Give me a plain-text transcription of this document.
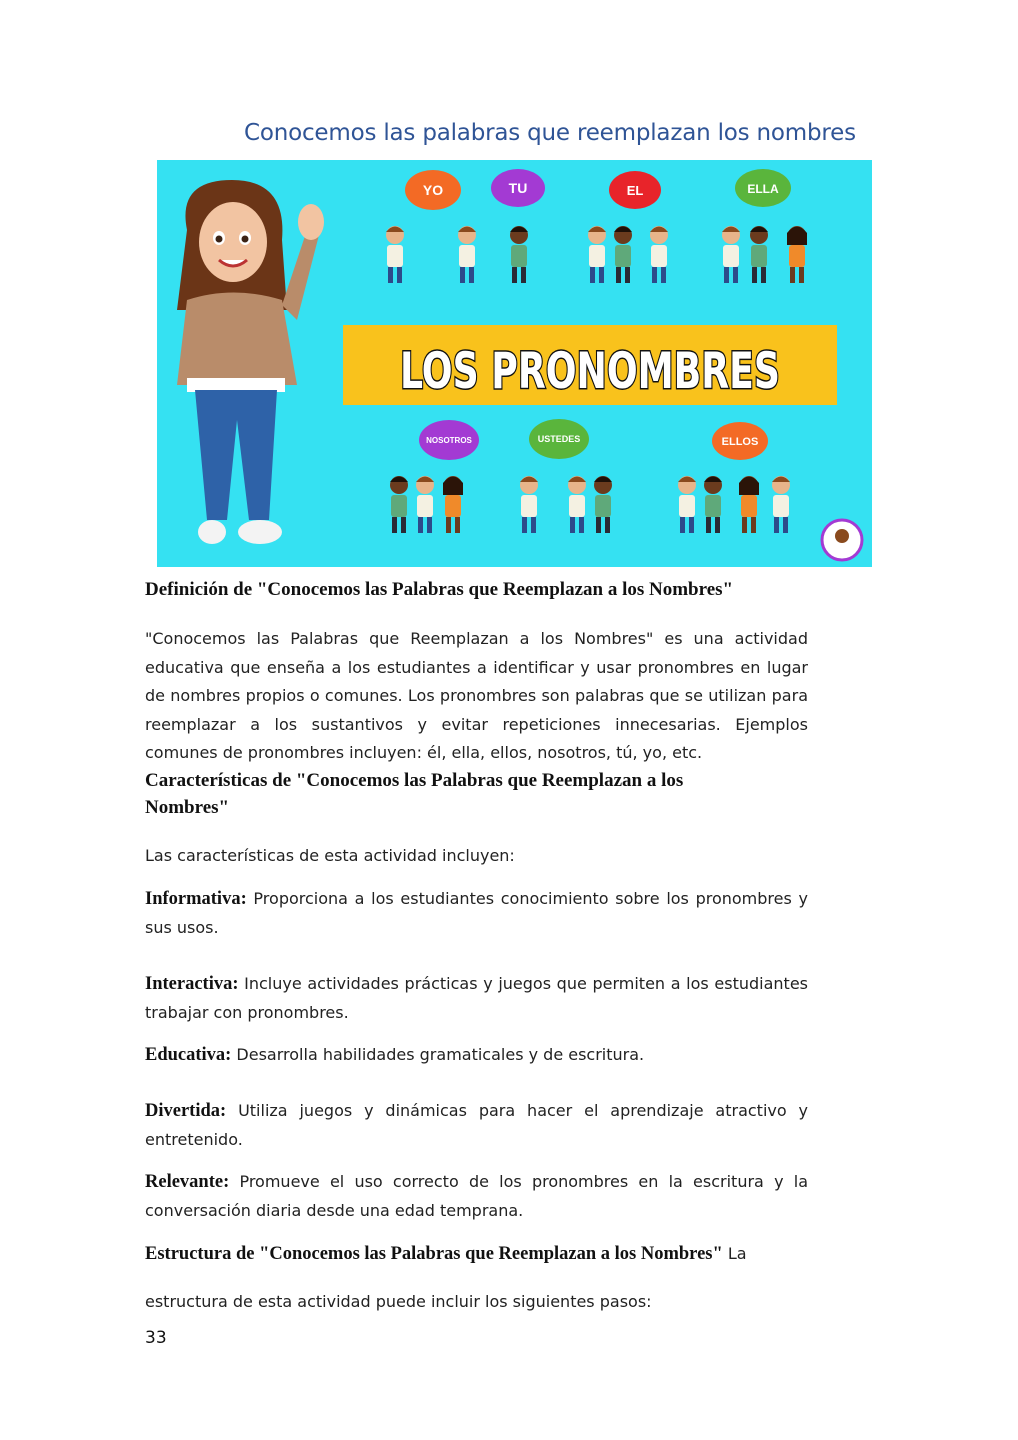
Conocemos las palabras que reemplazan los nombres
YO	TU	EL	ELLA
LOS PRONOMBRES
NOSOTROS	USTEDES	ELLOS
Definición de "Conocemos las Palabras que Reemplazan a los Nombres"
"Conocemos las Palabras que Reemplazan a los Nombres" es una actividad educativa que enseña a los estudiantes a identificar y usar pronombres en lugar de nombres propios o comunes. Los pronombres son palabras que se utilizan para reemplazar a los sustantivos y evitar repeticiones innecesarias. Ejemplos comunes de pronombres incluyen: él, ella, ellos, nosotros, tú, yo, etc.
Características de "Conocemos las Palabras que Reemplazan a los Nombres"
Las características de esta actividad incluyen:
Informativa: Proporciona a los estudiantes conocimiento sobre los pronombres y sus usos.
Interactiva: Incluye actividades prácticas y juegos que permiten a los estudiantes trabajar con pronombres.
Educativa: Desarrolla habilidades gramaticales y de escritura.
Divertida: Utiliza juegos y dinámicas para hacer el aprendizaje atractivo y entretenido.
Relevante: Promueve el uso correcto de los pronombres en la escritura y la conversación diaria desde una edad temprana.
Estructura de "Conocemos las Palabras que Reemplazan a los Nombres" La
estructura de esta actividad puede incluir los siguientes pasos:
33
